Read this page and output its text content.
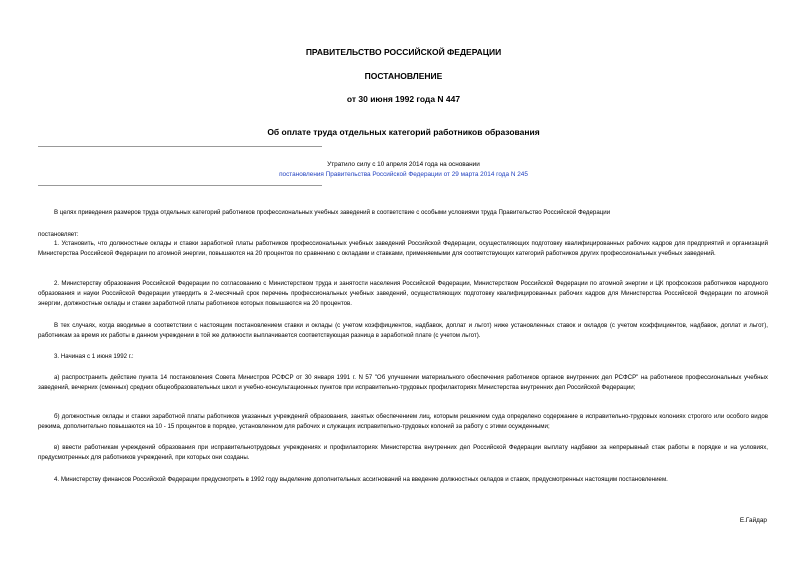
ПРАВИТЕЛЬСТВО РОССИЙСКОЙ ФЕДЕРАЦИИ
ПОСТАНОВЛЕНИЕ
от 30 июня 1992 года N 447
Об оплате труда отдельных категорий работников образования
Утратило силу с 10 апреля 2014 года на основании
постановления Правительства Российской Федерации от 29 марта 2014 года N 245
В целях приведения размеров труда отдельных категорий работников профессиональных учебных заведений в соответствие с особыми условиями труда Правительство Российской Федерации
постановляет:
1. Установить, что должностные оклады и ставки заработной платы работников профессиональных учебных заведений Российской Федерации, осуществляющих подготовку квалифицированных рабочих кадров для предприятий и организаций Министерства Российской Федерации по атомной энергии, повышаются на 20 процентов по сравнению с окладами и ставками, применяемыми для соответствующих категорий работников других профессиональных учебных заведений.
2. Министерству образования Российской Федерации по согласованию с Министерством труда и занятости населения Российской Федерации, Министерством Российской Федерации по атомной энергии и ЦК профсоюзов работников народного образования и науки Российской Федерации утвердить в 2-месячный срок перечень профессиональных учебных заведений, осуществляющих подготовку квалифицированных рабочих кадров для Министерства Российской Федерации по атомной энергии, должностные оклады и ставки заработной платы работников которых повышаются на 20 процентов.
В тех случаях, когда вводимые в соответствии с настоящим постановлением ставки и оклады (с учетом коэффициентов, надбавок, доплат и льгот) ниже установленных ставок и окладов (с учетом коэффициентов, надбавок, доплат и льгот), работникам за время их работы в данном учреждении в той же должности выплачивается соответствующая разница в заработной плате (с учетом льгот).
3. Начиная с 1 июня 1992 г.:
а) распространить действие пункта 14 постановления Совета Министров РСФСР от 30 января 1991 г. N 57 "Об улучшении материального обеспечения работников органов внутренних дел РСФСР" на работников профессиональных учебных заведений, вечерних (сменных) средних общеобразовательных школ и учебно-консультационных пунктов при исправительно-трудовых профилакториях Министерства внутренних дел Российской Федерации;
б) должностные оклады и ставки заработной платы работников указанных учреждений образования, занятых обеспечением лиц, которым решением суда определено содержание в исправительно-трудовых колониях строгого или особого видов режима, дополнительно повышаются на 10 - 15 процентов в порядке, установленном для рабочих и служащих исправительно-трудовых колоний за работу с этими осужденными;
в) ввести работникам учреждений образования при исправительнотрудовых учреждениях и профилакториях Министерства внутренних дел Российской Федерации выплату надбавки за непрерывный стаж работы в порядке и на условиях, предусмотренных для работников учреждений, при которых они созданы.
4. Министерству финансов Российской Федерации предусмотреть в 1992 году выделение дополнительных ассигнований на введение должностных окладов и ставок, предусмотренных настоящим постановлением.
Е.Гайдар
